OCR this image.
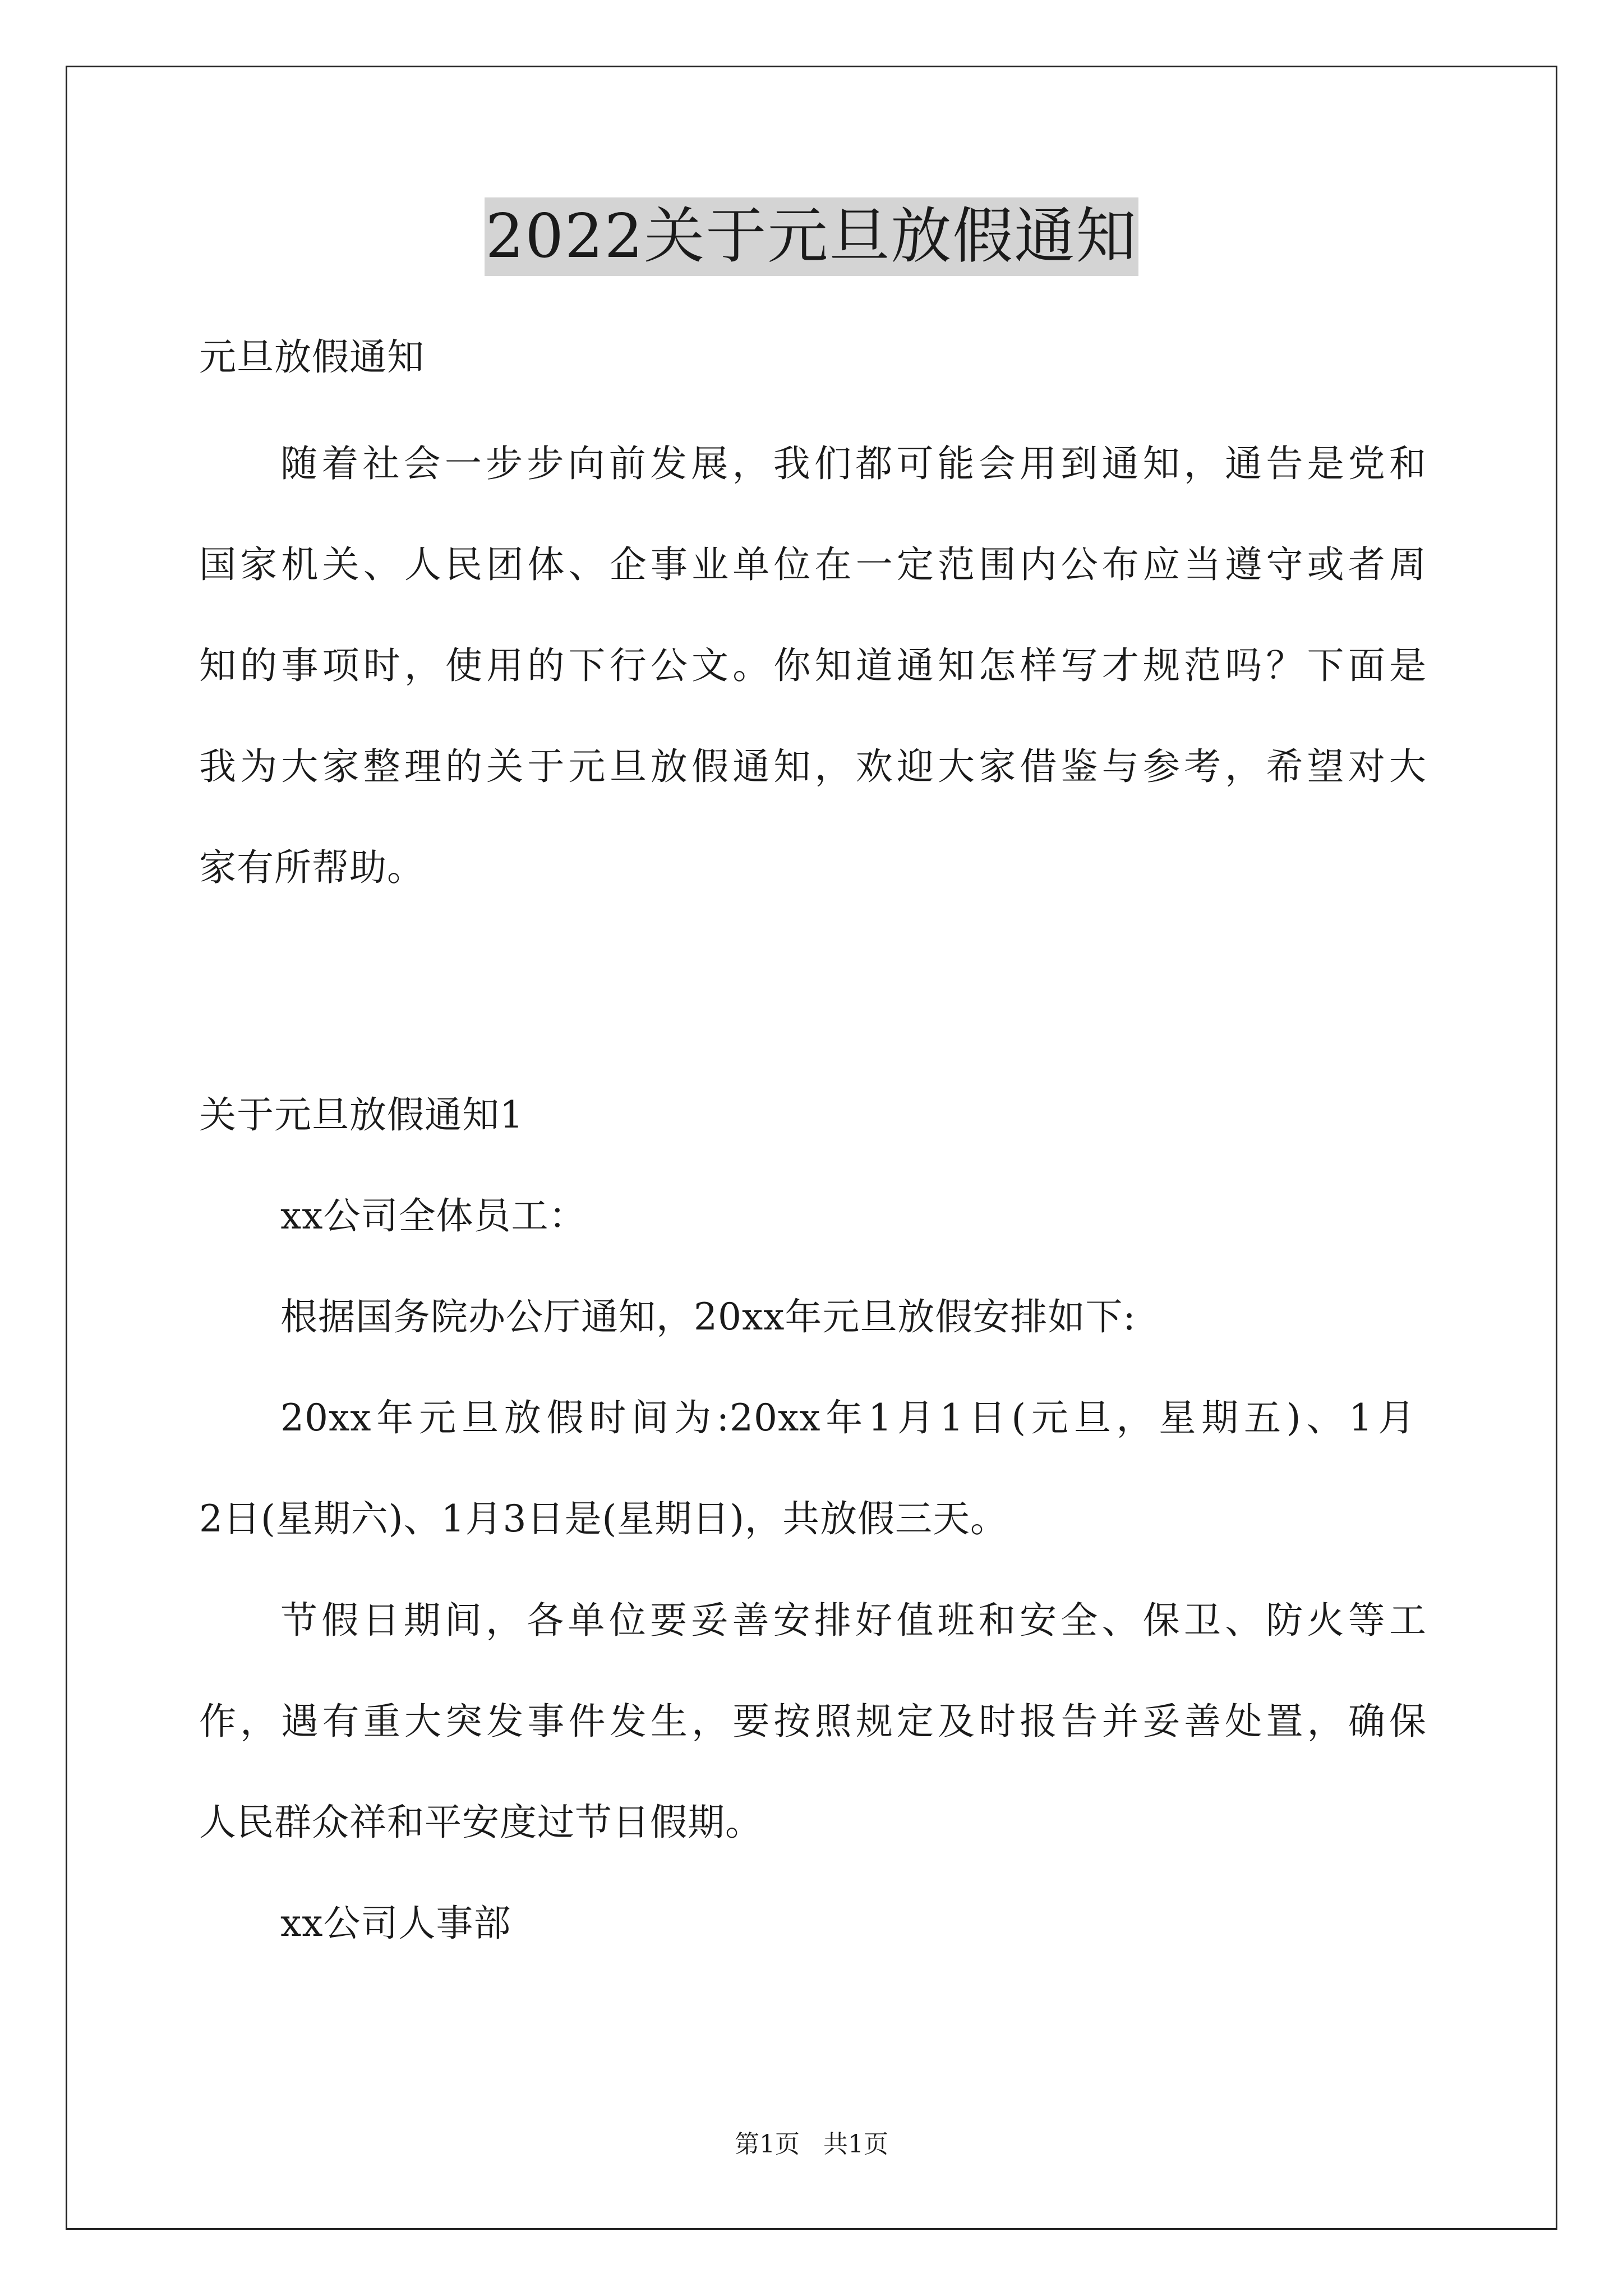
2022关于元旦放假通知
元旦放假通知
随着社会一步步向前发展，我们都可能会用到通知，通告是党和
国家机关、人民团体、企事业单位在一定范围内公布应当遵守或者周
知的事项时，使用的下行公文。你知道通知怎样写才规范吗？下面是
我为大家整理的关于元旦放假通知，欢迎大家借鉴与参考，希望对大
家有所帮助。
关于元旦放假通知1
xx公司全体员工：
根据国务院办公厅通知，20xx年元旦放假安排如下:
20xx年元旦放假时间为:20xx年1月1日(元旦，星期五)、1月
2日(星期六)、1月3日是(星期日)，共放假三天。
节假日期间，各单位要妥善安排好值班和安全、保卫、防火等工
作，遇有重大突发事件发生，要按照规定及时报告并妥善处置，确保
人民群众祥和平安度过节日假期。
xx公司人事部
第1页   共1页
